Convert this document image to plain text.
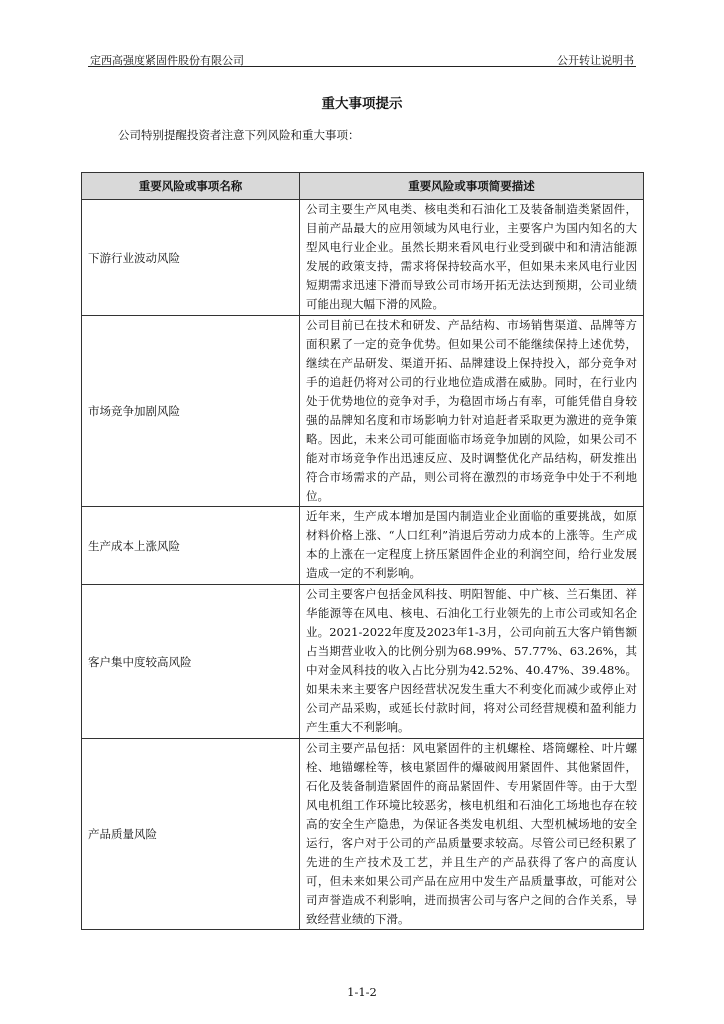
定西高强度紧固件股份有限公司	公开转让说明书
重大事项提示
公司特别提醒投资者注意下列风险和重大事项：
重要风险或事项名称	重要风险或事项简要描述
下游行业波动风险	公司主要生产风电类、核电类和石油化工及装备制造类紧固件，目前产品最大的应用领域为风电行业，主要客户为国内知名的大型风电行业企业。虽然长期来看风电行业受到碳中和和清洁能源发展的政策支持，需求将保持较高水平，但如果未来风电行业因短期需求迅速下滑而导致公司市场开拓无法达到预期，公司业绩可能出现大幅下滑的风险。
市场竞争加剧风险	公司目前已在技术和研发、产品结构、市场销售渠道、品牌等方面积累了一定的竞争优势。但如果公司不能继续保持上述优势，继续在产品研发、渠道开拓、品牌建设上保持投入，部分竞争对手的追赶仍将对公司的行业地位造成潜在威胁。同时，在行业内处于优势地位的竞争对手，为稳固市场占有率，可能凭借自身较强的品牌知名度和市场影响力针对追赶者采取更为激进的竞争策略。因此，未来公司可能面临市场竞争加剧的风险，如果公司不能对市场竞争作出迅速反应、及时调整优化产品结构，研发推出符合市场需求的产品，则公司将在激烈的市场竞争中处于不利地位。
生产成本上涨风险	近年来，生产成本增加是国内制造业企业面临的重要挑战，如原材料价格上涨、“人口红利”消退后劳动力成本的上涨等。生产成本的上涨在一定程度上挤压紧固件企业的利润空间，给行业发展造成一定的不利影响。
客户集中度较高风险	公司主要客户包括金风科技、明阳智能、中广核、兰石集团、祥华能源等在风电、核电、石油化工行业领先的上市公司或知名企业。2021-2022年度及2023年1-3月，公司向前五大客户销售额占当期营业收入的比例分别为68.99%、57.77%、63.26%，其中对金风科技的收入占比分别为42.52%、40.47%、39.48%。如果未来主要客户因经营状况发生重大不利变化而减少或停止对公司产品采购，或延长付款时间，将对公司经营规模和盈利能力产生重大不利影响。
产品质量风险	公司主要产品包括：风电紧固件的主机螺栓、塔筒螺栓、叶片螺栓、地锚螺栓等，核电紧固件的爆破阀用紧固件、其他紧固件，石化及装备制造紧固件的商品紧固件、专用紧固件等。由于大型风电机组工作环境比较恶劣，核电机组和石油化工场地也存在较高的安全生产隐患，为保证各类发电机组、大型机械场地的安全运行，客户对于公司的产品质量要求较高。尽管公司已经积累了先进的生产技术及工艺，并且生产的产品获得了客户的高度认可，但未来如果公司产品在应用中发生产品质量事故，可能对公司声誉造成不利影响，进而损害公司与客户之间的合作关系，导致经营业绩的下滑。
1-1-2
